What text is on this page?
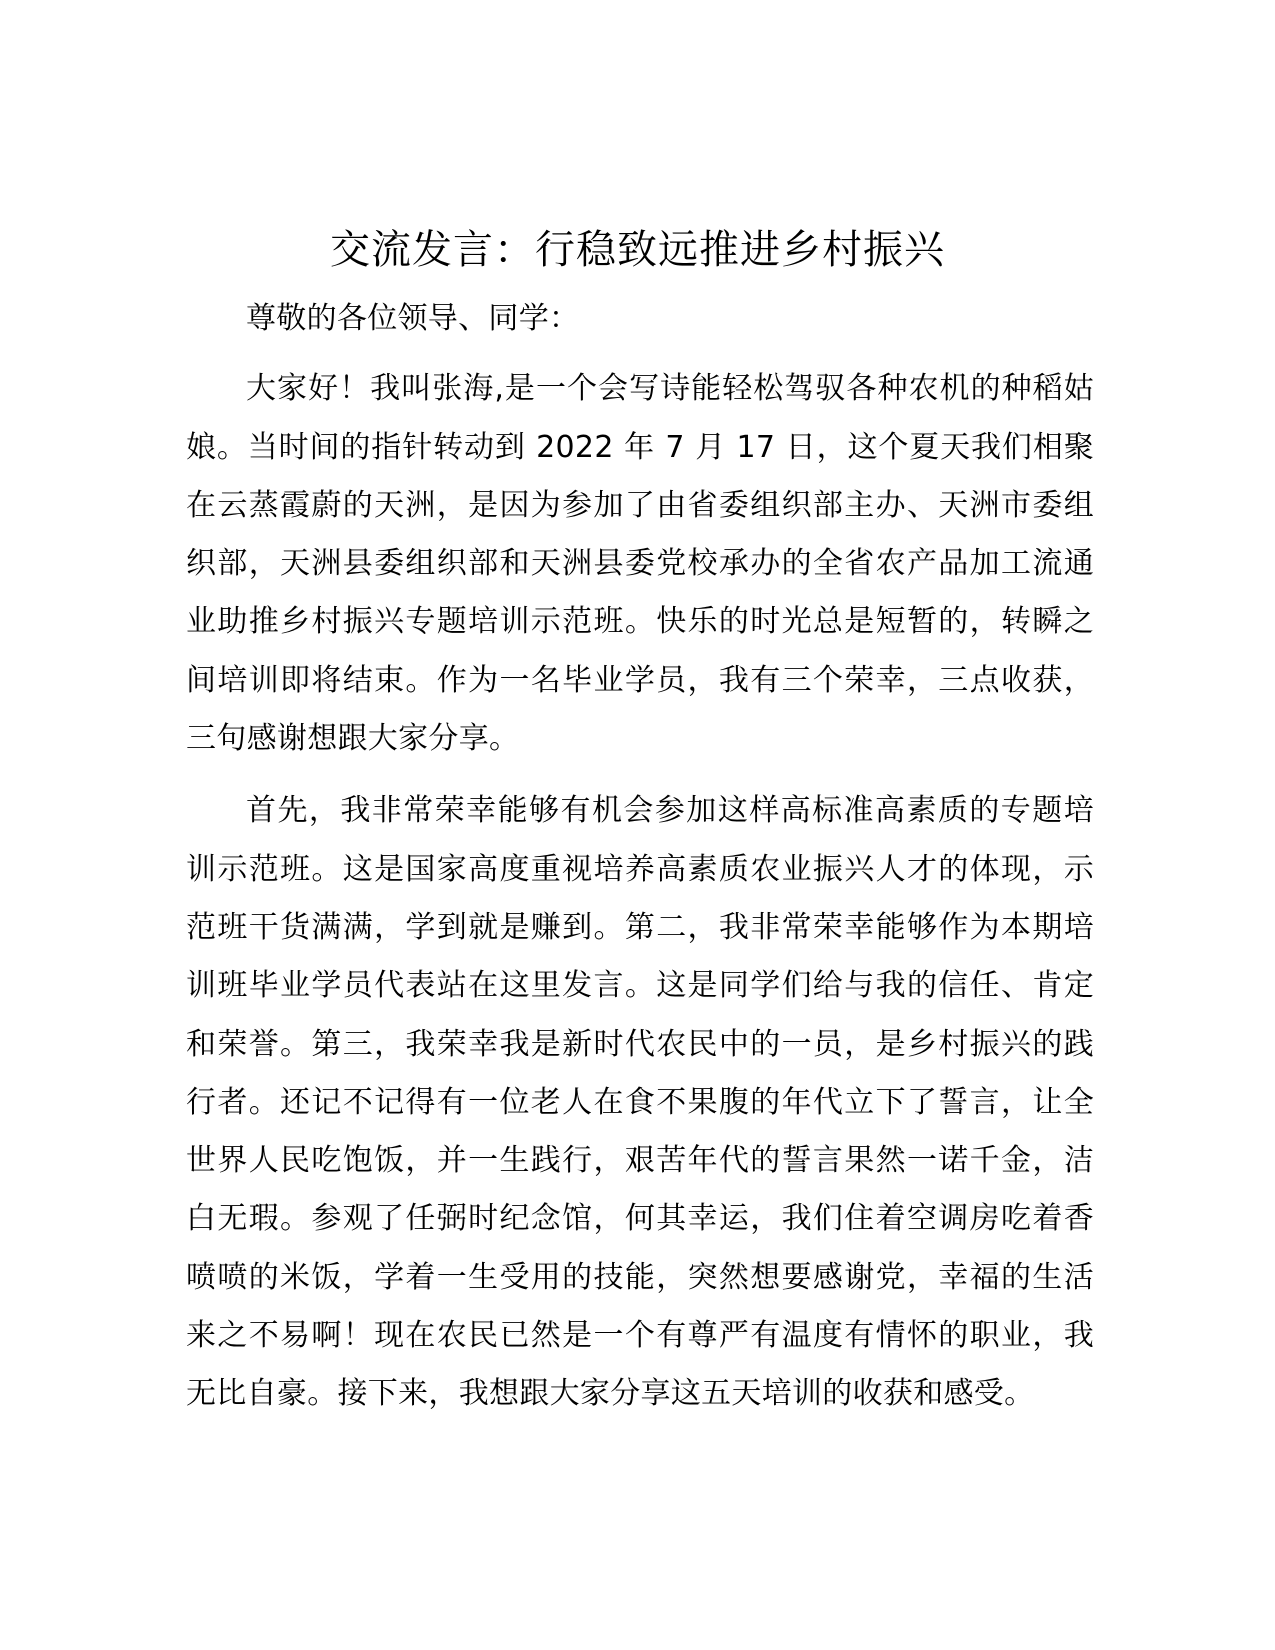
交流发言：行稳致远推进乡村振兴

尊敬的各位领导、同学：

大家好！我叫张海,是一个会写诗能轻松驾驭各种农机的种稻姑娘。当时间的指针转动到 2022 年 7 月 17 日，这个夏天我们相聚在云蒸霞蔚的天洲，是因为参加了由省委组织部主办、天洲市委组织部，天洲县委组织部和天洲县委党校承办的全省农产品加工流通业助推乡村振兴专题培训示范班。快乐的时光总是短暂的，转瞬之间培训即将结束。作为一名毕业学员，我有三个荣幸，三点收获，三句感谢想跟大家分享。

首先，我非常荣幸能够有机会参加这样高标准高素质的专题培训示范班。这是国家高度重视培养高素质农业振兴人才的体现，示范班干货满满，学到就是赚到。第二，我非常荣幸能够作为本期培训班毕业学员代表站在这里发言。这是同学们给与我的信任、肯定和荣誉。第三，我荣幸我是新时代农民中的一员，是乡村振兴的践行者。还记不记得有一位老人在食不果腹的年代立下了誓言，让全世界人民吃饱饭，并一生践行，艰苦年代的誓言果然一诺千金，洁白无瑕。参观了任弼时纪念馆，何其幸运，我们住着空调房吃着香喷喷的米饭，学着一生受用的技能，突然想要感谢党，幸福的生活来之不易啊！现在农民已然是一个有尊严有温度有情怀的职业，我无比自豪。接下来，我想跟大家分享这五天培训的收获和感受。
